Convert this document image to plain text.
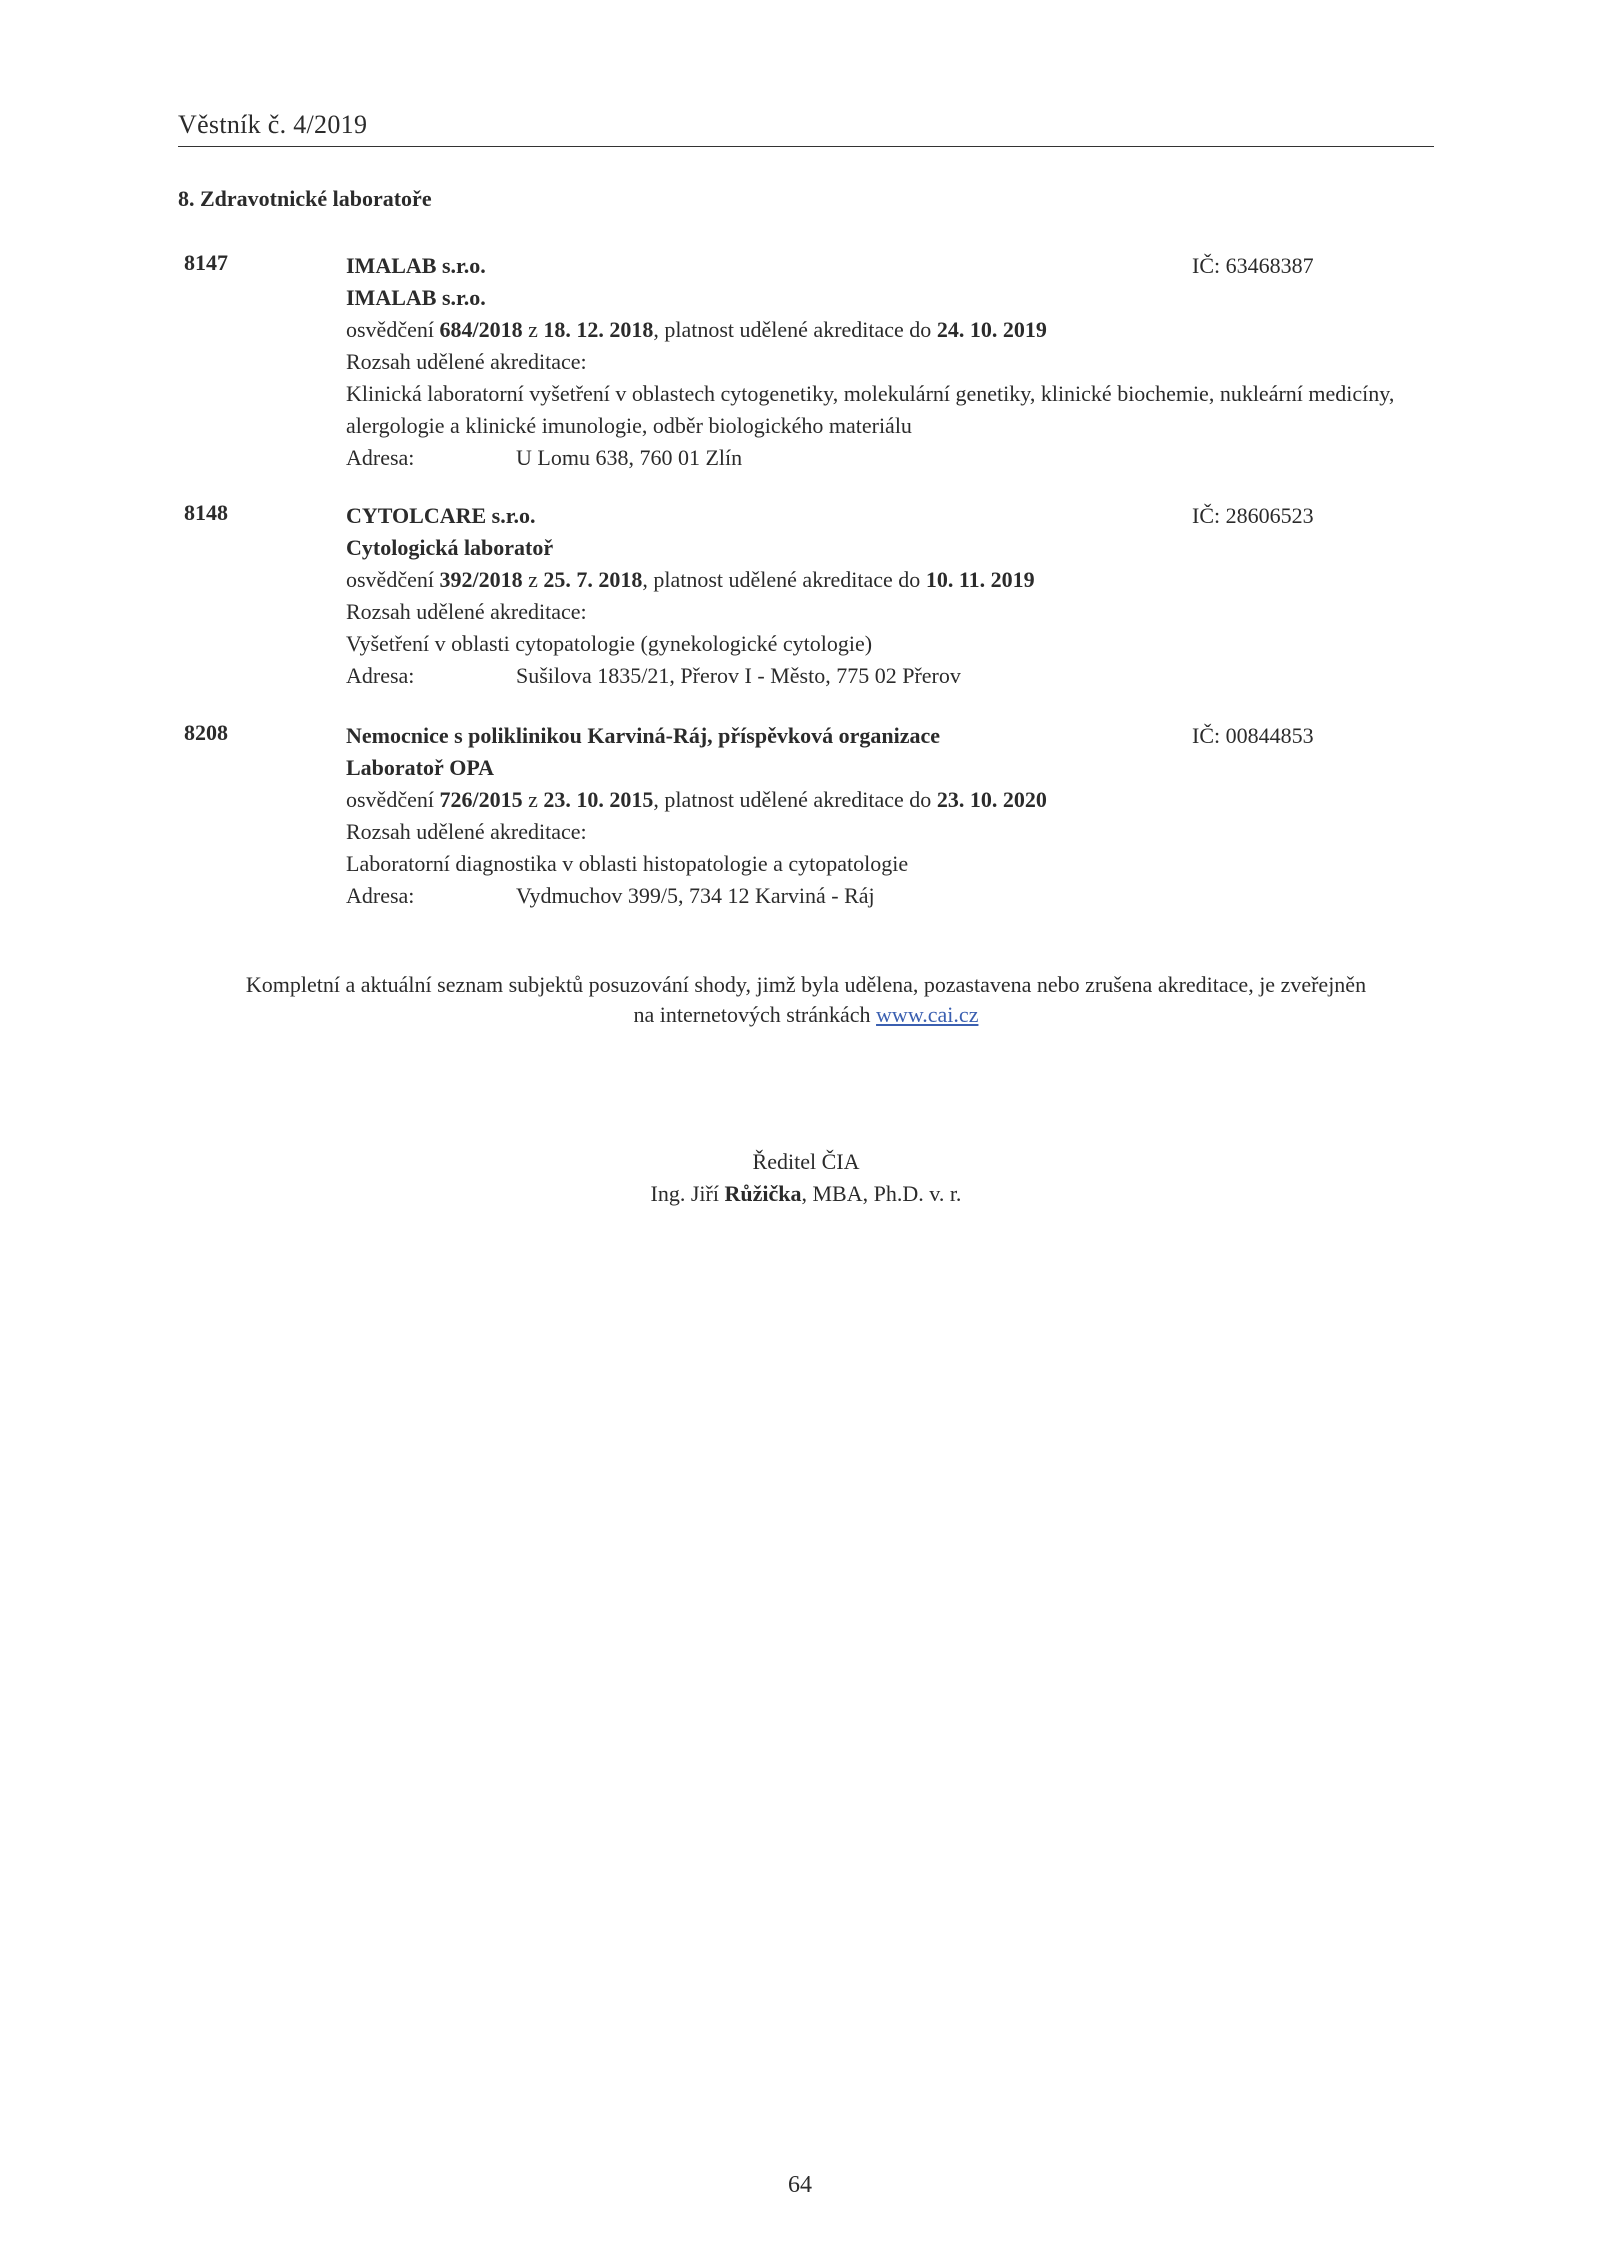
Věstník č. 4/2019
8. Zdravotnické laboratoře
8147	IMALAB s.r.o.	IČ: 63468387
IMALAB s.r.o.
osvědčení 684/2018 z 18. 12. 2018, platnost udělené akreditace do 24. 10. 2019
Rozsah udělené akreditace:
Klinická laboratorní vyšetření v oblastech cytogenetiky, molekulární genetiky, klinické biochemie, nukleární medicíny, alergologie a klinické imunologie, odběr biologického materiálu
Adresa:	U Lomu 638, 760 01 Zlín
8148	CYTOLCARE s.r.o.	IČ: 28606523
Cytologická laboratoř
osvědčení 392/2018 z 25. 7. 2018, platnost udělené akreditace do 10. 11. 2019
Rozsah udělené akreditace:
Vyšetření v oblasti cytopatologie (gynekologické cytologie)
Adresa:	Sušilova 1835/21, Přerov I - Město, 775 02 Přerov
8208	Nemocnice s poliklinikou Karviná-Ráj, příspěvková organizace	IČ: 00844853
Laboratoř OPA
osvědčení 726/2015 z 23. 10. 2015, platnost udělené akreditace do 23. 10. 2020
Rozsah udělené akreditace:
Laboratorní diagnostika v oblasti histopatologie a cytopatologie
Adresa:	Vydmuchov 399/5, 734 12 Karviná - Ráj
Kompletní a aktuální seznam subjektů posuzování shody, jimž byla udělena, pozastavena nebo zrušena akreditace, je zveřejněn
na internetových stránkách www.cai.cz
Ředitel ČIA
Ing. Jiří Růžička, MBA, Ph.D. v. r.
64
